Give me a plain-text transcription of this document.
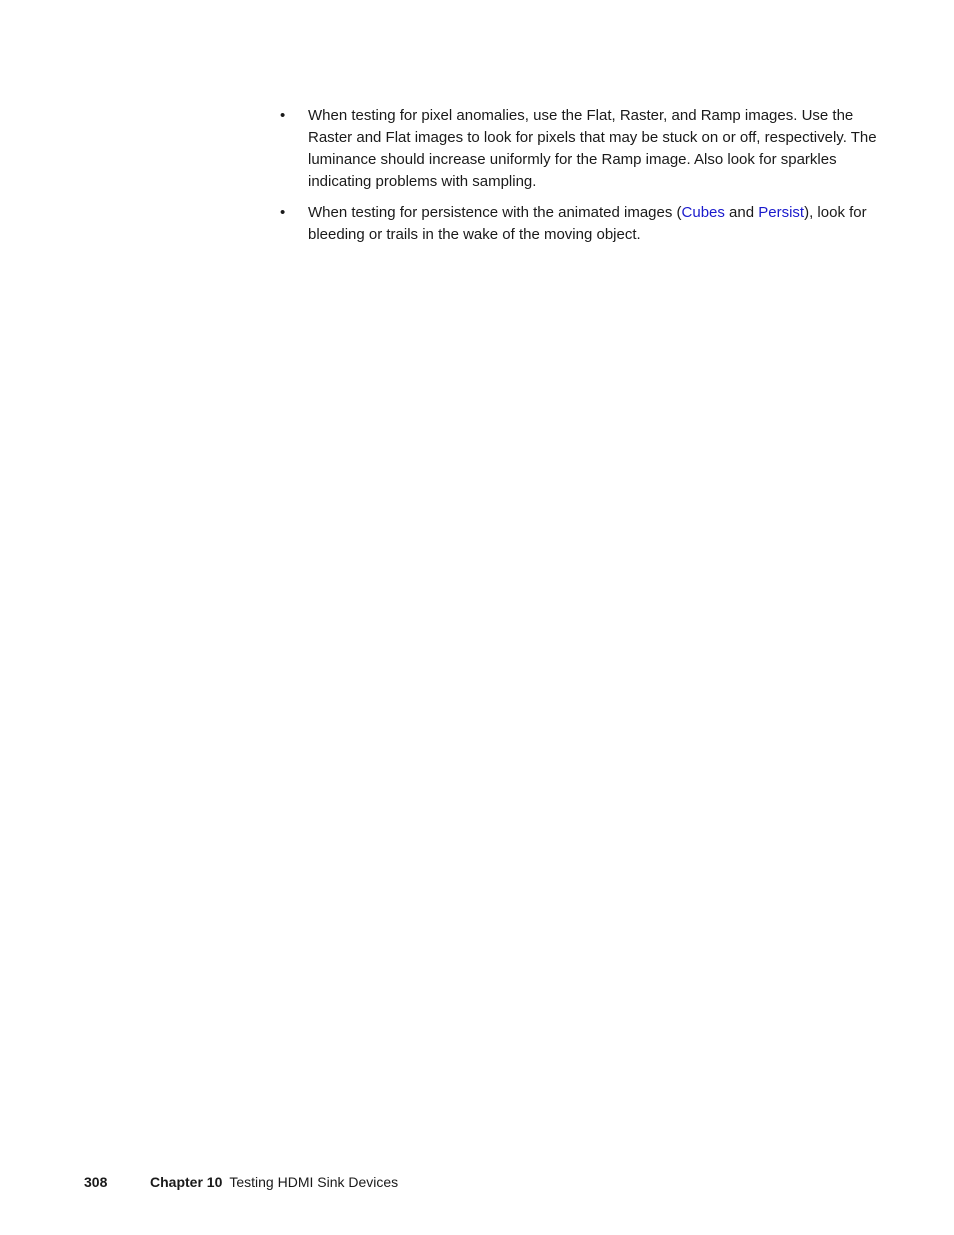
• When testing for pixel anomalies, use the Flat, Raster, and Ramp images. Use the Raster and Flat images to look for pixels that may be stuck on or off, respectively. The luminance should increase uniformly for the Ramp image. Also look for sparkles indicating problems with sampling.
• When testing for persistence with the animated images (Cubes and Persist), look for bleeding or trails in the wake of the moving object.
308	Chapter 10 Testing HDMI Sink Devices
